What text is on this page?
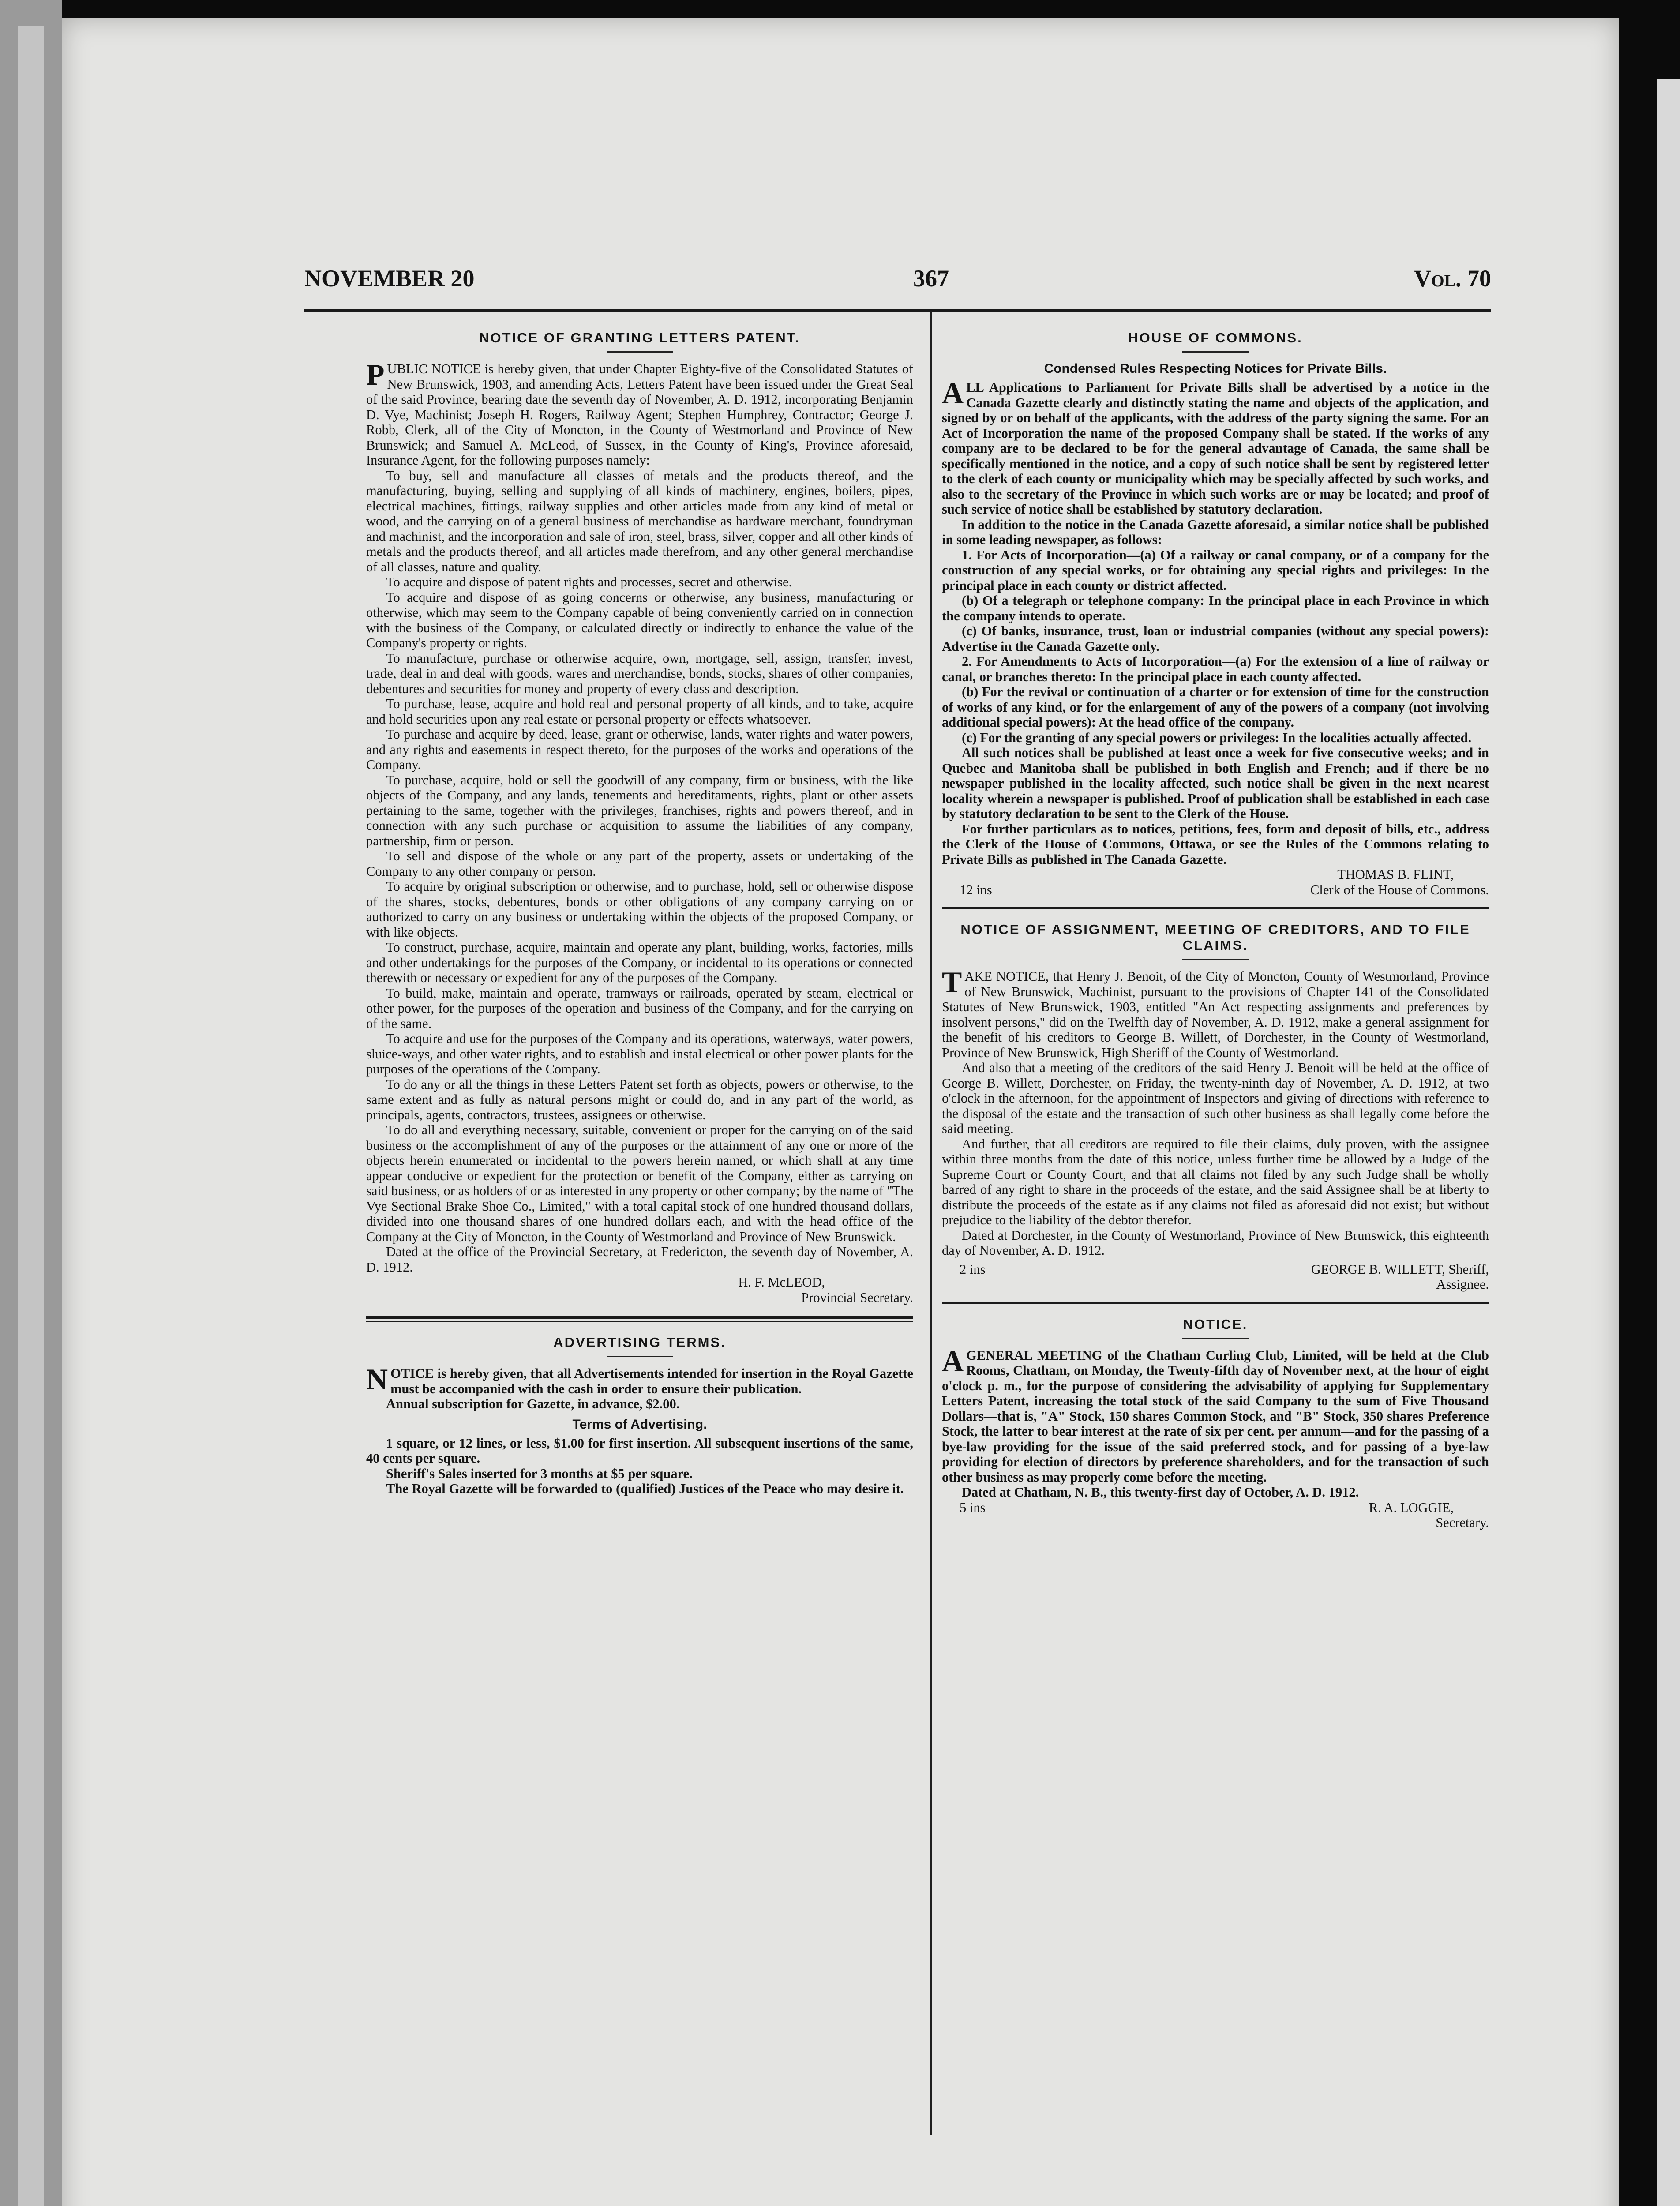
NOVEMBER 20	367	Vol. 70
NOTICE OF GRANTING LETTERS PATENT.

PUBLIC NOTICE is hereby given, that under Chapter Eighty-five of the Consolidated Statutes of New Brunswick, 1903, and amending Acts, Letters Patent have been issued under the Great Seal of the said Province, bearing date the seventh day of November, A. D. 1912, incorporating Benjamin D. Vye, Machinist; Joseph H. Rogers, Railway Agent; Stephen Humphrey, Contractor; George J. Robb, Clerk, all of the City of Moncton, in the County of Westmorland and Province of New Brunswick; and Samuel A. McLeod, of Sussex, in the County of King's, Province aforesaid, Insurance Agent, for the following purposes namely:

To buy, sell and manufacture all classes of metals and the products thereof, and the manufacturing, buying, selling and supplying of all kinds of machinery, engines, boilers, pipes, electrical machines, fittings, railway supplies and other articles made from any kind of metal or wood, and the carrying on of a general business of merchandise as hardware merchant, foundryman and machinist, and the incorporation and sale of iron, steel, brass, silver, copper and all other kinds of metals and the products thereof, and all articles made therefrom, and any other general merchandise of all classes, nature and quality.

To acquire and dispose of patent rights and processes, secret and otherwise.

To acquire and dispose of as going concerns or otherwise, any business, manufacturing or otherwise, which may seem to the Company capable of being conveniently carried on in connection with the business of the Company, or calculated directly or indirectly to enhance the value of the Company's property or rights.

To manufacture, purchase or otherwise acquire, own, mortgage, sell, assign, transfer, invest, trade, deal in and deal with goods, wares and merchandise, bonds, stocks, shares of other companies, debentures and securities for money and property of every class and description.

To purchase, lease, acquire and hold real and personal property of all kinds, and to take, acquire and hold securities upon any real estate or personal property or effects whatsoever.

To purchase and acquire by deed, lease, grant or otherwise, lands, water rights and water powers, and any rights and easements in respect thereto, for the purposes of the works and operations of the Company.

To purchase, acquire, hold or sell the goodwill of any company, firm or business, with the like objects of the Company, and any lands, tenements and hereditaments, rights, plant or other assets pertaining to the same, together with the privileges, franchises, rights and powers thereof, and in connection with any such purchase or acquisition to assume the liabilities of any company, partnership, firm or person.

To sell and dispose of the whole or any part of the property, assets or undertaking of the Company to any other company or person.

To acquire by original subscription or otherwise, and to purchase, hold, sell or otherwise dispose of the shares, stocks, debentures, bonds or other obligations of any company carrying on or authorized to carry on any business or undertaking within the objects of the proposed Company, or with like objects.

To construct, purchase, acquire, maintain and operate any plant, building, works, factories, mills and other undertakings for the purposes of the Company, or incidental to its operations or connected therewith or necessary or expedient for any of the purposes of the Company.

To build, make, maintain and operate, tramways or railroads, operated by steam, electrical or other power, for the purposes of the operation and business of the Company, and for the carrying on of the same.

To acquire and use for the purposes of the Company and its operations, waterways, water powers, sluice-ways, and other water rights, and to establish and instal electrical or other power plants for the purposes of the operations of the Company.

To do any or all the things in these Letters Patent set forth as objects, powers or otherwise, to the same extent and as fully as natural persons might or could do, and in any part of the world, as principals, agents, contractors, trustees, assignees or otherwise.

To do all and everything necessary, suitable, convenient or proper for the carrying on of the said business or the accomplishment of any of the purposes or the attainment of any one or more of the objects herein enumerated or incidental to the powers herein named, or which shall at any time appear conducive or expedient for the protection or benefit of the Company, either as carrying on said business, or as holders of or as interested in any property or other company; by the name of "The Vye Sectional Brake Shoe Co., Limited," with a total capital stock of one hundred thousand dollars, divided into one thousand shares of one hundred dollars each, and with the head office of the Company at the City of Moncton, in the County of Westmorland and Province of New Brunswick.

Dated at the office of the Provincial Secretary, at Fredericton, the seventh day of November, A. D. 1912.

H. F. McLEOD,
Provincial Secretary.
ADVERTISING TERMS.

NOTICE is hereby given, that all Advertisements intended for insertion in the Royal Gazette must be accompanied with the cash in order to ensure their publication.

Annual subscription for Gazette, in advance, $2.00.

Terms of Advertising.

1 square, or 12 lines, or less, $1.00 for first insertion. All subsequent insertions of the same, 40 cents per square.

Sheriff's Sales inserted for 3 months at $5 per square.

The Royal Gazette will be forwarded to (qualified) Justices of the Peace who may desire it.

HOUSE OF COMMONS.
Condensed Rules Respecting Notices for Private Bills.

ALL Applications to Parliament for Private Bills shall be advertised by a notice in the Canada Gazette clearly and distinctly stating the name and objects of the application, and signed by or on behalf of the applicants, with the address of the party signing the same. For an Act of Incorporation the name of the proposed Company shall be stated. If the works of any company are to be declared to be for the general advantage of Canada, the same shall be specifically mentioned in the notice, and a copy of such notice shall be sent by registered letter to the clerk of each county or municipality which may be specially affected by such works, and also to the secretary of the Province in which such works are or may be located; and proof of such service of notice shall be established by statutory declaration.

In addition to the notice in the Canada Gazette aforesaid, a similar notice shall be published in some leading newspaper, as follows:

1. For Acts of Incorporation—(a) Of a railway or canal company, or of a company for the construction of any special works, or for obtaining any special rights and privileges: In the principal place in each county or district affected.

(b) Of a telegraph or telephone company: In the principal place in each Province in which the company intends to operate.

(c) Of banks, insurance, trust, loan or industrial companies (without any special powers): Advertise in the Canada Gazette only.

2. For Amendments to Acts of Incorporation—(a) For the extension of a line of railway or canal, or branches thereto: In the principal place in each county affected.

(b) For the revival or continuation of a charter or for extension of time for the construction of works of any kind, or for the enlargement of any of the powers of a company (not involving additional special powers): At the head office of the company.

(c) For the granting of any special powers or privileges: In the localities actually affected.

All such notices shall be published at least once a week for five consecutive weeks; and in Quebec and Manitoba shall be published in both English and French; and if there be no newspaper published in the locality affected, such notice shall be given in the next nearest locality wherein a newspaper is published. Proof of publication shall be established in each case by statutory declaration to be sent to the Clerk of the House.

For further particulars as to notices, petitions, fees, form and deposit of bills, etc., address the Clerk of the House of Commons, Ottawa, or see the Rules of the Commons relating to Private Bills as published in The Canada Gazette.

THOMAS B. FLINT,
12 ins	Clerk of the House of Commons.
NOTICE OF ASSIGNMENT, MEETING OF CREDITORS, AND TO FILE CLAIMS.

TAKE NOTICE, that Henry J. Benoit, of the City of Moncton, County of Westmorland, Province of New Brunswick, Machinist, pursuant to the provisions of Chapter 141 of the Consolidated Statutes of New Brunswick, 1903, entitled "An Act respecting assignments and preferences by insolvent persons," did on the Twelfth day of November, A. D. 1912, make a general assignment for the benefit of his creditors to George B. Willett, of Dorchester, in the County of Westmorland, Province of New Brunswick, High Sheriff of the County of Westmorland.

And also that a meeting of the creditors of the said Henry J. Benoit will be held at the office of George B. Willett, Dorchester, on Friday, the twenty-ninth day of November, A. D. 1912, at two o'clock in the afternoon, for the appointment of Inspectors and giving of directions with reference to the disposal of the estate and the transaction of such other business as shall legally come before the said meeting.

And further, that all creditors are required to file their claims, duly proven, with the assignee within three months from the date of this notice, unless further time be allowed by a Judge of the Supreme Court or County Court, and that all claims not filed by any such Judge shall be wholly barred of any right to share in the proceeds of the estate, and the said Assignee shall be at liberty to distribute the proceeds of the estate as if any claims not filed as aforesaid did not exist; but without prejudice to the liability of the debtor therefor.

Dated at Dorchester, in the County of Westmorland, Province of New Brunswick, this eighteenth day of November, A. D. 1912.

2 ins	GEORGE B. WILLETT, Sheriff,
Assignee.
NOTICE.

A GENERAL MEETING of the Chatham Curling Club, Limited, will be held at the Club Rooms, Chatham, on Monday, the Twenty-fifth day of November next, at the hour of eight o'clock p. m., for the purpose of considering the advisability of applying for Supplementary Letters Patent, increasing the total stock of the said Company to the sum of Five Thousand Dollars—that is, "A" Stock, 150 shares Common Stock, and "B" Stock, 350 shares Preference Stock, the latter to bear interest at the rate of six per cent. per annum—and for the passing of a bye-law providing for the issue of the said preferred stock, and for passing of a bye-law providing for election of directors by preference shareholders, and for the transaction of such other business as may properly come before the meeting.

Dated at Chatham, N. B., this twenty-first day of October, A. D. 1912.

5 ins	R. A. LOGGIE,
Secretary.
